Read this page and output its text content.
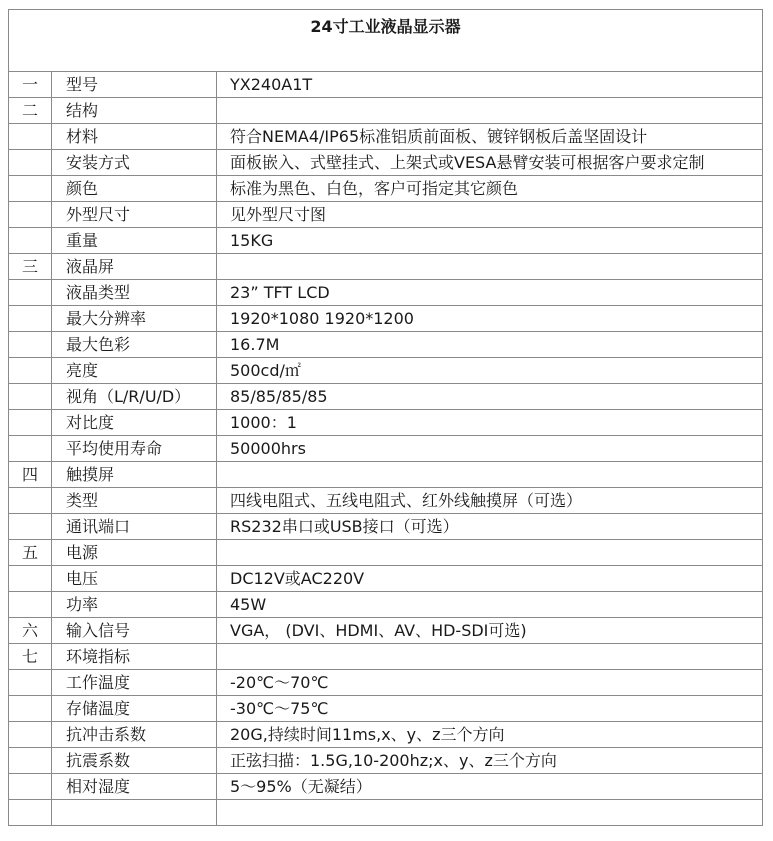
24寸工业液晶显示器		
一	型号	YX240A1T
二	结构	
	材料	符合NEMA4/IP65标准铝质前面板、镀锌钢板后盖坚固设计
	安装方式	面板嵌入、式壁挂式、上架式或VESA悬臂安装可根据客户要求定制
	颜色	标准为黑色、白色，客户可指定其它颜色
	外型尺寸	见外型尺寸图
	重量	15KG
三	液晶屏	
	液晶类型	23” TFT LCD
	最大分辨率	1920*1080 1920*1200
	最大色彩	16.7M
	亮度	500cd/㎡
	视角（L/R/U/D）	85/85/85/85
	对比度	1000：1
	平均使用寿命	50000hrs
四	触摸屏	
	类型	四线电阻式、五线电阻式、红外线触摸屏（可选）
	通讯端口	RS232串口或USB接口（可选）
五	电源	
	电压	DC12V或AC220V
	功率	45W
六	输入信号	VGA， (DVI、HDMI、AV、HD-SDI可选)
七	环境指标	
	工作温度	-20℃～70℃
	存储温度	-30℃～75℃
	抗冲击系数	20G,持续时间11ms,x、y、z三个方向
	抗震系数	正弦扫描：1.5G,10-200hz;x、y、z三个方向
	相对湿度	5～95%（无凝结）
